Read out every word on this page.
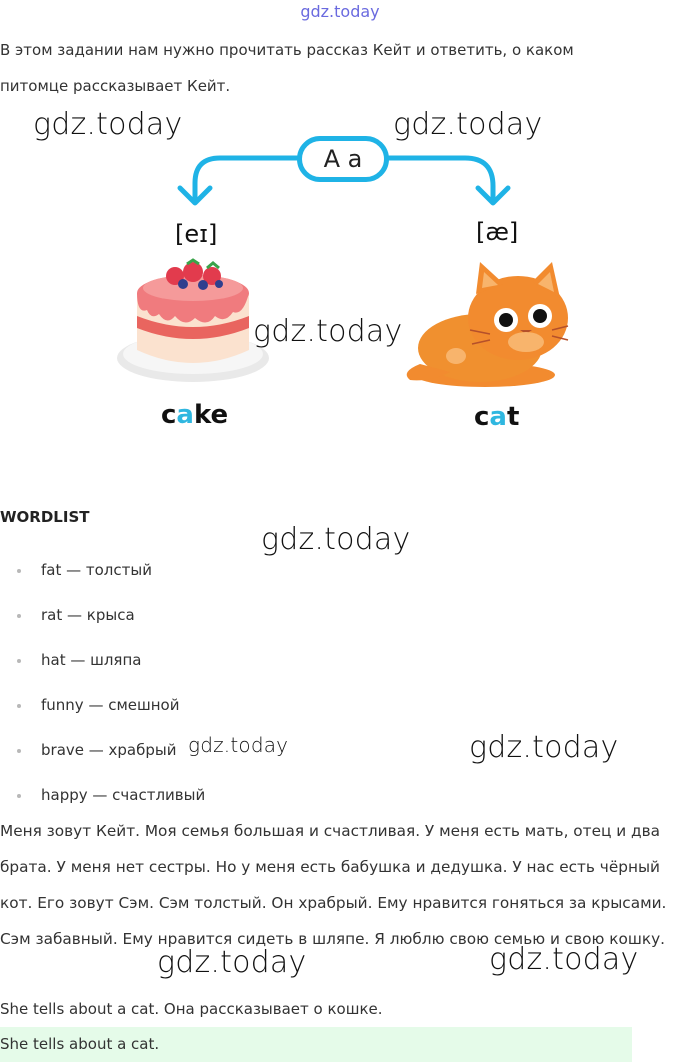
gdz.today

В этом задании нам нужно прочитать рассказ Кейт и ответить, о каком питомце рассказывает Кейт.

A a
[eɪ]	[æ]
cake	cat
gdz.today	gdz.today
gdz.today
gdz.today
gdz.today	gdz.today
gdz.today	gdz.today
WORDLIST
fat — толстый
rat — крыса
hat — шляпа
funny — смешной
brave — храбрый
happy — счастливый

Меня зовут Кейт. Моя семья большая и счастливая. У меня есть мать, отец и два брата. У меня нет сестры. Но у меня есть бабушка и дедушка. У нас есть чёрный кот. Его зовут Сэм. Сэм толстый. Он храбрый. Ему нравится гоняться за крысами. Сэм забавный. Ему нравится сидеть в шляпе. Я люблю свою семью и свою кошку.

She tells about a cat. Она рассказывает о кошке.
She tells about a cat.
